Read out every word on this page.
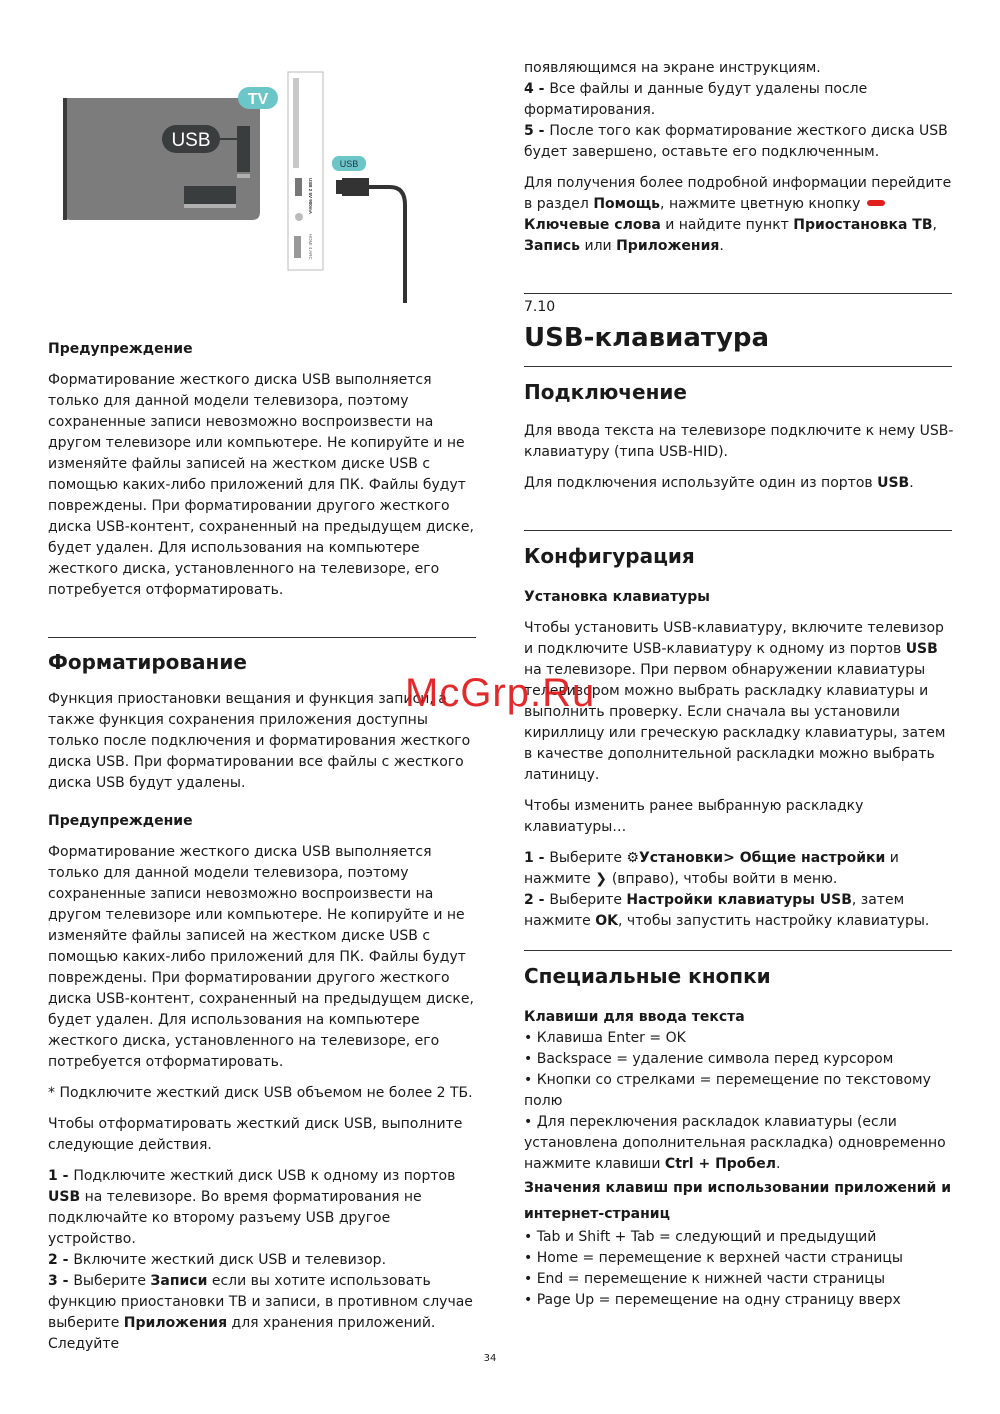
USB
TV
USB 2 5V 900mA
HDMI 4 ARC
USB

Предупреждение

Форматирование жесткого диска USB выполняется только для данной модели телевизора, поэтому сохраненные записи невозможно воспроизвести на другом телевизоре или компьютере. Не копируйте и не изменяйте файлы записей на жестком диске USB с помощью каких-либо приложений для ПК. Файлы будут повреждены. При форматировании другого жесткого диска USB-контент, сохраненный на предыдущем диске, будет удален. Для использования на компьютере жесткого диска, установленного на телевизоре, его потребуется отформатировать.

Форматирование

Функция приостановки вещания и функция записи, а также функция сохранения приложения доступны только после подключения и форматирования жесткого диска USB. При форматировании все файлы с жесткого диска USB будут удалены.

Предупреждение

Форматирование жесткого диска USB выполняется только для данной модели телевизора, поэтому сохраненные записи невозможно воспроизвести на другом телевизоре или компьютере. Не копируйте и не изменяйте файлы записей на жестком диске USB с помощью каких-либо приложений для ПК. Файлы будут повреждены. При форматировании другого жесткого диска USB-контент, сохраненный на предыдущем диске, будет удален. Для использования на компьютере жесткого диска, установленного на телевизоре, его потребуется отформатировать.

* Подключите жесткий диск USB объемом не более 2 ТБ.

Чтобы отформатировать жесткий диск USB, выполните следующие действия.

1 - Подключите жесткий диск USB к одному из портов USB на телевизоре. Во время форматирования не подключайте ко второму разъему USB другое устройство.
2 - Включите жесткий диск USB и телевизор.
3 - Выберите Записи если вы хотите использовать функцию приостановки ТВ и записи, в противном случае выберите Приложения для хранения приложений. Следуйте

появляющимся на экране инструкциям.
4 - Все файлы и данные будут удалены после форматирования.
5 - После того как форматирование жесткого диска USB будет завершено, оставьте его подключенным.

Для получения более подробной информации перейдите в раздел Помощь, нажмите цветную кнопку Ключевые слова и найдите пункт Приостановка ТВ, Запись или Приложения.

7.10

USB-клавиатура

Подключение

Для ввода текста на телевизоре подключите к нему USB-клавиатуру (типа USB-HID).

Для подключения используйте один из портов USB.

Конфигурация

Установка клавиатуры

Чтобы установить USB-клавиатуру, включите телевизор и подключите USB-клавиатуру к одному из портов USB на телевизоре. При первом обнаружении клавиатуры телевизором можно выбрать раскладку клавиатуры и выполнить проверку. Если сначала вы установили кириллицу или греческую раскладку клавиатуры, затем в качестве дополнительной раскладки можно выбрать латиницу.

Чтобы изменить ранее выбранную раскладку клавиатуры…

1 - Выберите ⚙Установки> Общие настройки и нажмите ❯ (вправо), чтобы войти в меню.
2 - Выберите Настройки клавиатуры USB, затем нажмите OK, чтобы запустить настройку клавиатуры.

Специальные кнопки

Клавиши для ввода текста
• Клавиша Enter = OK
• Backspace = удаление символа перед курсором
• Кнопки со стрелками = перемещение по текстовому полю
• Для переключения раскладок клавиатуры (если установлена дополнительная раскладка) одновременно нажмите клавиши Ctrl + Пробел.
Значения клавиш при использовании приложений и интернет-страниц
• Tab и Shift + Tab = следующий и предыдущий
• Home = перемещение к верхней части страницы
• End = перемещение к нижней части страницы
• Page Up = перемещение на одну страницу вверх
McGrp.Ru
34
